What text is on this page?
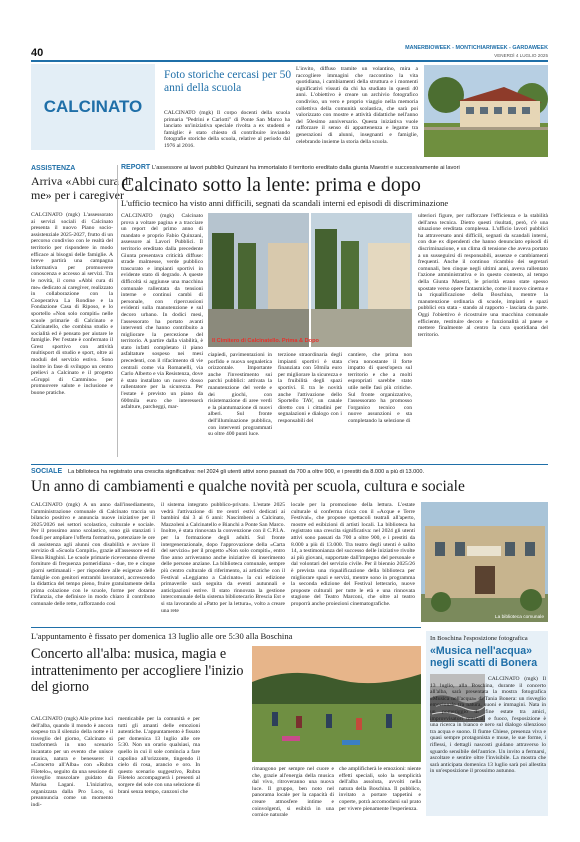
40	MANERBIOWEEK - MONTICHIARIWEEK - GARDAWEEK
VENERDÌ 4 LUGLIO 2025
CALCINATO
Foto storiche cercasi per 50 anni della scuola
CALCINATO (mgk) Il corpo docenti della scuola primaria "Pedrini e Carlotti" di Ponte San Marco ha lanciato un'iniziativa speciale rivolta a ex studenti e famiglie: è stato chiesto di contribuire inviando fotografie storiche della scuola, relative al periodo dal 1976 al 2016.
L'invito, diffuso tramite un volantino, mira a raccogliere immagini che raccontino la vita quotidiana, i cambiamenti della struttura e i momenti significativi vissuti da chi ha studiato in questi 40 anni. L'obiettivo è creare un archivio fotografico condiviso, un vero e proprio viaggio nella memoria collettiva della comunità scolastica, che sarà poi valorizzato con mostre e attività didattiche nell'anno del 50esimo anniversario. Questa iniziativa vuole rafforzare il senso di appartenenza e legame tra generazioni di alunni, insegnanti e famiglie, celebrando insieme la storia della scuola.
ASSISTENZA
Arriva «Abbi cura di me» per i caregiver
CALCINATO (mgk) L'assessorato ai servizi sociali di Calcinato presenta il nuovo Piano socio-assistenziale 2025-2027, frutto di un percorso condiviso con le realtà del territorio per rispondere in modo efficace ai bisogni delle famiglie. A breve partirà una campagna informativa per promuovere conoscenza e accesso ai servizi. Tra le novità, il corso «Abbi cura di me» dedicato ai caregiver, realizzato in collaborazione con la Cooperativa La Rondine e la Fondazione Casa di Riposo, e lo sportello «Non solo compiti» nelle scuole primarie di Calcinato e Calcinatello, che combina studio e socialità ed è pensato per aiutare le famiglie. Per l'estate è confermato il Grest sportivo con attività multisport di studio e sport, oltre ai moduli del servizio estivo. Sono inoltre in fase di sviluppo un centro prelievi a Calcinato e il progetto «Gruppi di Cammino» per promuovere salute e inclusione e buone pratiche.
REPORT L'assessore ai lavori pubblici Quinzani ha immortalato il territorio ereditato dalla giunta Maestri e successivamente ai lavori
Calcinato sotto la lente: prima e dopo
L'ufficio tecnico ha visto anni difficili, segnati da scandali interni ed episodi di discriminazione
CALCINATO (mgk) Calcinato prova a voltare pagina e a tracciare un report del primo anno di mandato e proprio Fabio Quinzani, assessore ai Lavori Pubblici. Il territorio ereditato dalla precedente Giunta presentava criticità diffuse: strade malmesse, verde pubblico trascurato e impianti sportivi in evidente stato di degrado. A queste difficoltà si aggiunse una macchina comunale rallentata da tensioni interne e continui cambi di personale, con ripercussioni evidenti sulla manutenzione e sul decoro urbano. In dodici mesi, l'assessorato ha portato avanti interventi che hanno contribuito a migliorare la percezione del territorio. A partire dalla viabilità, è stato infatti completato il piano asfaltature sospeso nei mesi precedenti, con il rifacimento di vie centrali come via Romanelli, via Carlo Alberto e via Resistenza, dove è stato installato un nuovo dosso rallentatore per la sicurezza. Per l'estate è previsto un piano da 600mila euro che interesserà asfalture, parcheggi, mar-
Il Cimitero di Calcinatello. Prima & Dopo
ciapiedi, pavimentazioni in porfido e nuova segnaletica orizzontale. Importante anche l'investimento sui parchi pubblici: attivata la manutenzione del verde e dei giochi, con risistemazione di aree verdi e la piantumazione di nuovi alberi. Sul fronte dell'illuminazione pubblica, con interventi programmati su oltre 400 punti luce.
terzione straordinaria degli impianti sportivi è stata finanziata con 50mila euro per migliorare la sicurezza e la fruibilità degli spazi sportivi. E tra le novità anche l'attivazione dello Sportello TAV, un canale diretto con i cittadini per segnalazioni e dialogo con i responsabili del
cantiere, che prima non c'era nonostante il forte impatto di quest'opera sul territorio e che a molti espropriati sarebbe stato utile nelle fasi più critiche. Sul fronte organizzativo, l'assessorato ha promosso l'organico tecnico con nuove assunzioni e sta completando la selezione di
ulteriori figure, per rafforzare l'efficienza e la stabilità dell'area tecnica. Dietro questi risultati, però, c'è una situazione ereditata complessa. L'ufficio lavori pubblici ha attraversato anni difficili, segnati da scandali interni, con due ex dipendenti che hanno denunciato episodi di discriminazione, e un clima di tensione che aveva portato a un susseguirsi di responsabili, assenze e cambiamenti frequenti. Anche il continuo ricambio dei segretari comunali, ben cinque negli ultimi anni, aveva rallentato l'azione amministrativa e in questo contesto, al tempo della Giunta Maestri, le priorità erano state spesso spostate verso opere fantasmiche, come il nuovo cinema e la riqualificazione della Boschina, mentre la manutenzione ordinaria di scuole, impianti e spazi pubblici era stata - stando al rapporto - lasciata da parte. Oggi l'obiettivo è ricostruire una macchina comunale efficiente, restituire decoro e funzionalità al paese e mettere finalmente al centro la cura quotidiana del territorio.
SOCIALE La biblioteca ha registrato una crescita significativa: nel 2024 gli utenti attivi sono passati da 700 a oltre 900, e i prestiti da 8.000 a più di 13.000.
Un anno di cambiamenti e qualche novità per scuola, cultura e sociale
CALCINATO (mgk) A un anno dall'insediamento, l'amministrazione comunale di Calcinato traccia un bilancio positivo e annuncia nuove iniziative per il 2025/2026 nei settori scolastico, culturale e sociale. Per il prossimo anno scolastico, sono già stanziati i fondi per ampliare l'offerta formativa, potenziare le ore di assistenza agli alunni con disabilità e avviare il servizio di «Scuola Compiti», grazie all'assessore ed di Elena Ringhini. Le scuole primarie riceveranno diverse forniture di frequenza pomeridiana - due, tre e cinque giorni settimanali - per rispondere alle esigenze delle famiglie con genitori entrambi lavoratori, accrescendo la didattica del tempo pieno, fruire gratuitamente della prima colazione con le scuole, forme per dotarne l'infanzia, che definisce in modo chiaro il contributo comunale delle rette, rafforzando così
il sistema integrato pubblico-privato. L'estate 2025 vedrà l'attivazione di tre centri estivi dedicati ai bambini dai 3 ai 6 anni: Nascimbeni a Calcinato, Mazzoleni a Calcinatello e Bianchi a Ponte San Marco. Inoltre, è stata rinnovata la convenzione con il C.P.I.A. per la formazione degli adulti. Sul fronte intergenerazionale, dopo l'approvazione della «Carta del servizio» per il progetto «Non solo compiti», entro fine anno arriveranno anche iniziative di inserimento delle persone anziane. La biblioteca comunale, sempre più centro culturale di riferimento, ai artistiche con il Festival «Leggiamo a Calcinato» la cui edizione primaverile sarà seguita da eventi autunnali e anticipazioni estive. Il stato rinnovata la gestione intercomunale della sistema bibliotecario Brescia Est e si sta lavorando al «Patto per la lettura», volto a creare una rete
locale per la promozione della lettura. L'estate culturale si conferma ricca con il «Acque e Terre Festival», che propone spettacoli teatrali all'aperto, mostre ed esibizioni di artisti locali. La biblioteca ha registrato una crescita significativa: nel 2024 gli utenti attivi sono passati da 700 a oltre 900, e i prestiti da 8.000 a più di 13.000. Tra teatro degli utenti è salito 14, a testimonianza del successo delle iniziative rivolte ai più giovani, supportate dall'impegno del personale e dal volontari del servizio civile. Per il biennio 2025/26 è prevista una riqualificazione della biblioteca per migliorare spazi e servizi, mentre sono in programma la seconda edizione del Festival letterario, nuove proposte culturali per tutte le età e una rinnovata stagione del Teatro Marconi, che oltre al teatro proporrà anche proiezioni cinematografiche.
La biblioteca comunale
L'appuntamento è fissato per domenica 13 luglio alle ore 5:30 alla Boschina
Concerto all'alba: musica, magia e intrattenimento per accogliere l'inizio del giorno
CALCINATO (mgk) Alle prime luci dell'alba, quando il mondo è ancora sospeso tra il silenzio della notte e il risveglio del giorno, Calcinato si trasformerà in uno scenario incantato per un evento che unisce musica, natura e benessere: il «Concerto all'Alba» con «Rubra Filetelo», seguito da una sessione di risveglio muscolare guidato da Marisa Lagani. L'iniziativa, organizzata dalla Pro Loco, si preannuncia come un momento indi-
menticabile per la comunità e per tutti gli amanti delle emozioni autentiche. L'appuntamento è fissato per domenica 13 luglio alle ore 5:30. Non un orario qualsiasi, ma quello in cui il sole comincia a fare capolino all'orizzonte, tingendo il cielo di rosa, arancio e oro. In questo scenario suggestivo, Rubra Filetelo accompagnerà i presenti al sorgere del sole con una selezione di brani senza tempo, canzoni che
rimangono per sempre nel cuore e che, grazie all'energia della musica dal vivo, ritroveranno una nuova luce. Il gruppo, ben noto nel panorama locale per la capacità di creare atmosfere intime e coinvolgenti, si esibirà in una cornice naturale
che amplificherà le emozioni: niente effetti speciali, solo la semplicità dell'alba assoluta, avvolti nella natura della Boschina. Il pubblico, invitato a portare tappetini e coperte, potrà accomodarsi sul prato per vivere pienamente l'esperienza.
In Boschina l'esposizione fotografica
«Musica nell'acqua» negli scatti di Bonera
CALCINATO (mgk) Il 13 luglio, alla Boschina, durante il concerto all'alba, sarà presentata la mostra fotografica «Musica nell'acqua» di Tania Bonera: un risveglio emozionale tra natura, suoni e immagini. Nata in un pomeriggio di fine estate tra amici, improvvisatori musicali e fuoco, l'esposizione è una ricerca in bianco e nero sul dialogo silenzioso tra acqua e suono. Il fiume Chiese, presenza viva e quasi sempre protagonista e muse, le sue forme, i riflessi, i dettagli nascosti guidano attraverso lo sguardo sensibile dell'autrice. Un invito a fermarsi, ascoltare e sentire oltre l'invisibile. La mostra che sarà anticipata domenica 13 luglio sarà poi allestita in un'esposizione il prossimo autunno.
